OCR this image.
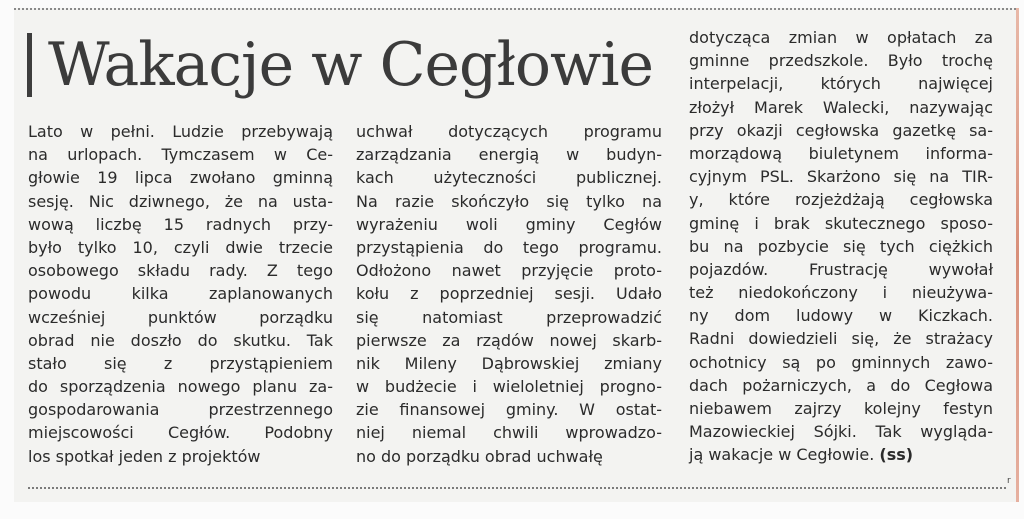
Wakacje w Cegłowie
Lato w pełni. Ludzie przebywają
na urlopach. Tymczasem w Ce-
głowie 19 lipca zwołano gminną
sesję. Nic dziwnego, że na usta-
wową liczbę 15 radnych przy-
było tylko 10, czyli dwie trzecie
osobowego składu rady. Z tego
powodu kilka zaplanowanych
wcześniej punktów porządku
obrad nie doszło do skutku. Tak
stało się z przystąpieniem
do sporządzenia nowego planu za-
gospodarowania przestrzennego
miejscowości Cegłów. Podobny
los spotkał jeden z projektów
uchwał dotyczących programu
zarządzania energią w budyn-
kach użyteczności publicznej.
Na razie skończyło się tylko na
wyrażeniu woli gminy Cegłów
przystąpienia do tego programu.
Odłożono nawet przyjęcie proto-
kołu z poprzedniej sesji. Udało
się natomiast przeprowadzić
pierwsze za rządów nowej skarb-
nik Mileny Dąbrowskiej zmiany
w budżecie i wieloletniej progno-
zie finansowej gminy. W ostat-
niej niemal chwili wprowadzo-
no do porządku obrad uchwałę
dotycząca zmian w opłatach za
gminne przedszkole. Było trochę
interpelacji, których najwięcej
złożył Marek Walecki, nazywając
przy okazji cegłowska gazetkę sa-
morządową biuletynem informa-
cyjnym PSL. Skarżono się na TIR-
y, które rozjeżdżają cegłowska
gminę i brak skutecznego sposo-
bu na pozbycie się tych ciężkich
pojazdów. Frustrację wywołał
też niedokończony i nieużywa-
ny dom ludowy w Kiczkach.
Radni dowiedzieli się, że strażacy
ochotnicy są po gminnych zawo-
dach pożarniczych, a do Cegłowa
niebawem zajrzy kolejny festyn
Mazowieckiej Sójki. Tak wygląda-
ją wakacje w Cegłowie. (ss)
r
